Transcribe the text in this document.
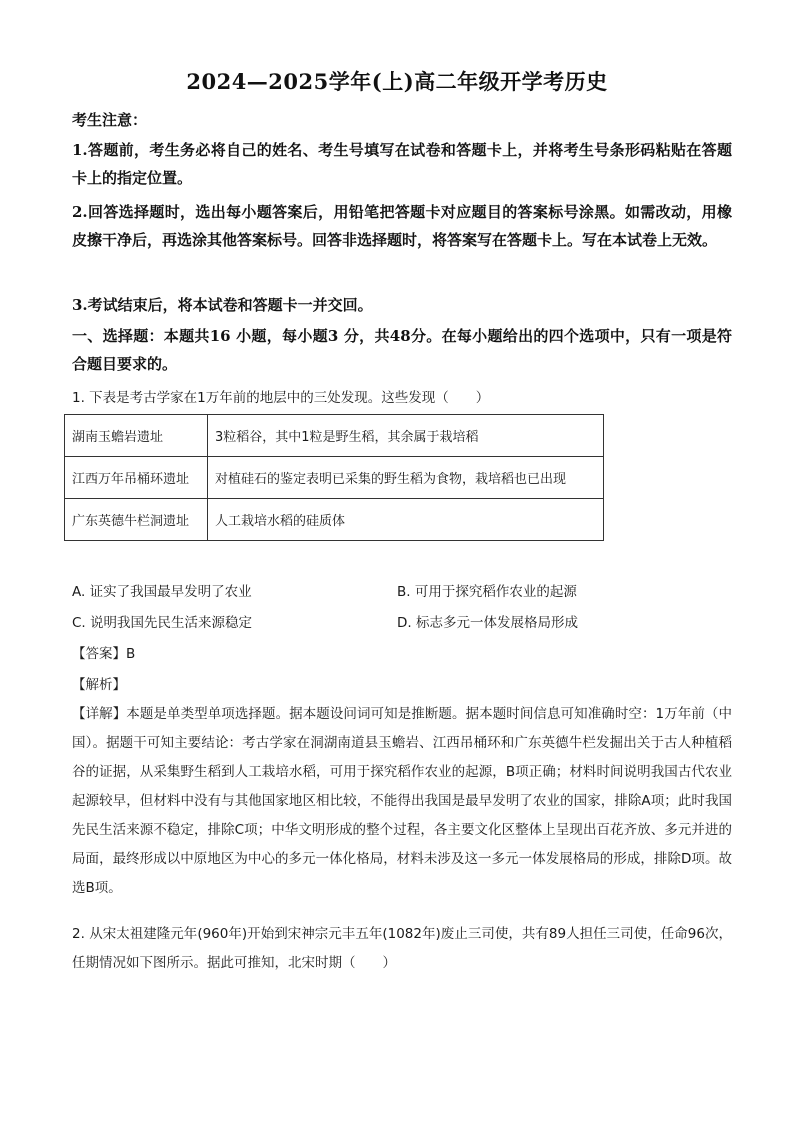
2024—2025学年(上)高二年级开学考历史
考生注意：
1.答题前，考生务必将自己的姓名、考生号填写在试卷和答题卡上，并将考生号条形码粘贴在答题卡上的指定位置。
2.回答选择题时，选出每小题答案后，用铅笔把答题卡对应题目的答案标号涂黑。如需改动，用橡皮擦干净后，再选涂其他答案标号。回答非选择题时，将答案写在答题卡上。写在本试卷上无效。
3.考试结束后，将本试卷和答题卡一并交回。
一、选择题：本题共16 小题，每小题3 分，共48分。在每小题给出的四个选项中，只有一项是符合题目要求的。
1. 下表是考古学家在1万年前的地层中的三处发现。这些发现（　　）
湖南玉蟾岩遗址	3粒稻谷，其中1粒是野生稻，其余属于栽培稻
江西万年吊桶环遗址	对植硅石的鉴定表明已采集的野生稻为食物，栽培稻也已出现
广东英德牛栏洞遗址	人工栽培水稻的硅质体
A. 证实了我国最早发明了农业	B. 可用于探究稻作农业的起源
C. 说明我国先民生活来源稳定	D. 标志多元一体发展格局形成
【答案】B
【解析】
【详解】本题是单类型单项选择题。据本题设问词可知是推断题。据本题时间信息可知准确时空：1万年前（中国）。据题干可知主要结论：考古学家在洞湖南道县玉蟾岩、江西吊桶环和广东英德牛栏发掘出关于古人种植稻谷的证据，从采集野生稻到人工栽培水稻，可用于探究稻作农业的起源，B项正确；材料时间说明我国古代农业起源较早，但材料中没有与其他国家地区相比较，不能得出我国是最早发明了农业的国家，排除A项；此时我国先民生活来源不稳定，排除C项；中华文明形成的整个过程，各主要文化区整体上呈现出百花齐放、多元并进的局面，最终形成以中原地区为中心的多元一体化格局，材料未涉及这一多元一体发展格局的形成，排除D项。故选B项。
2. 从宋太祖建隆元年(960年)开始到宋神宗元丰五年(1082年)废止三司使，共有89人担任三司使，任命96次，任期情况如下图所示。据此可推知，北宋时期（　　）
